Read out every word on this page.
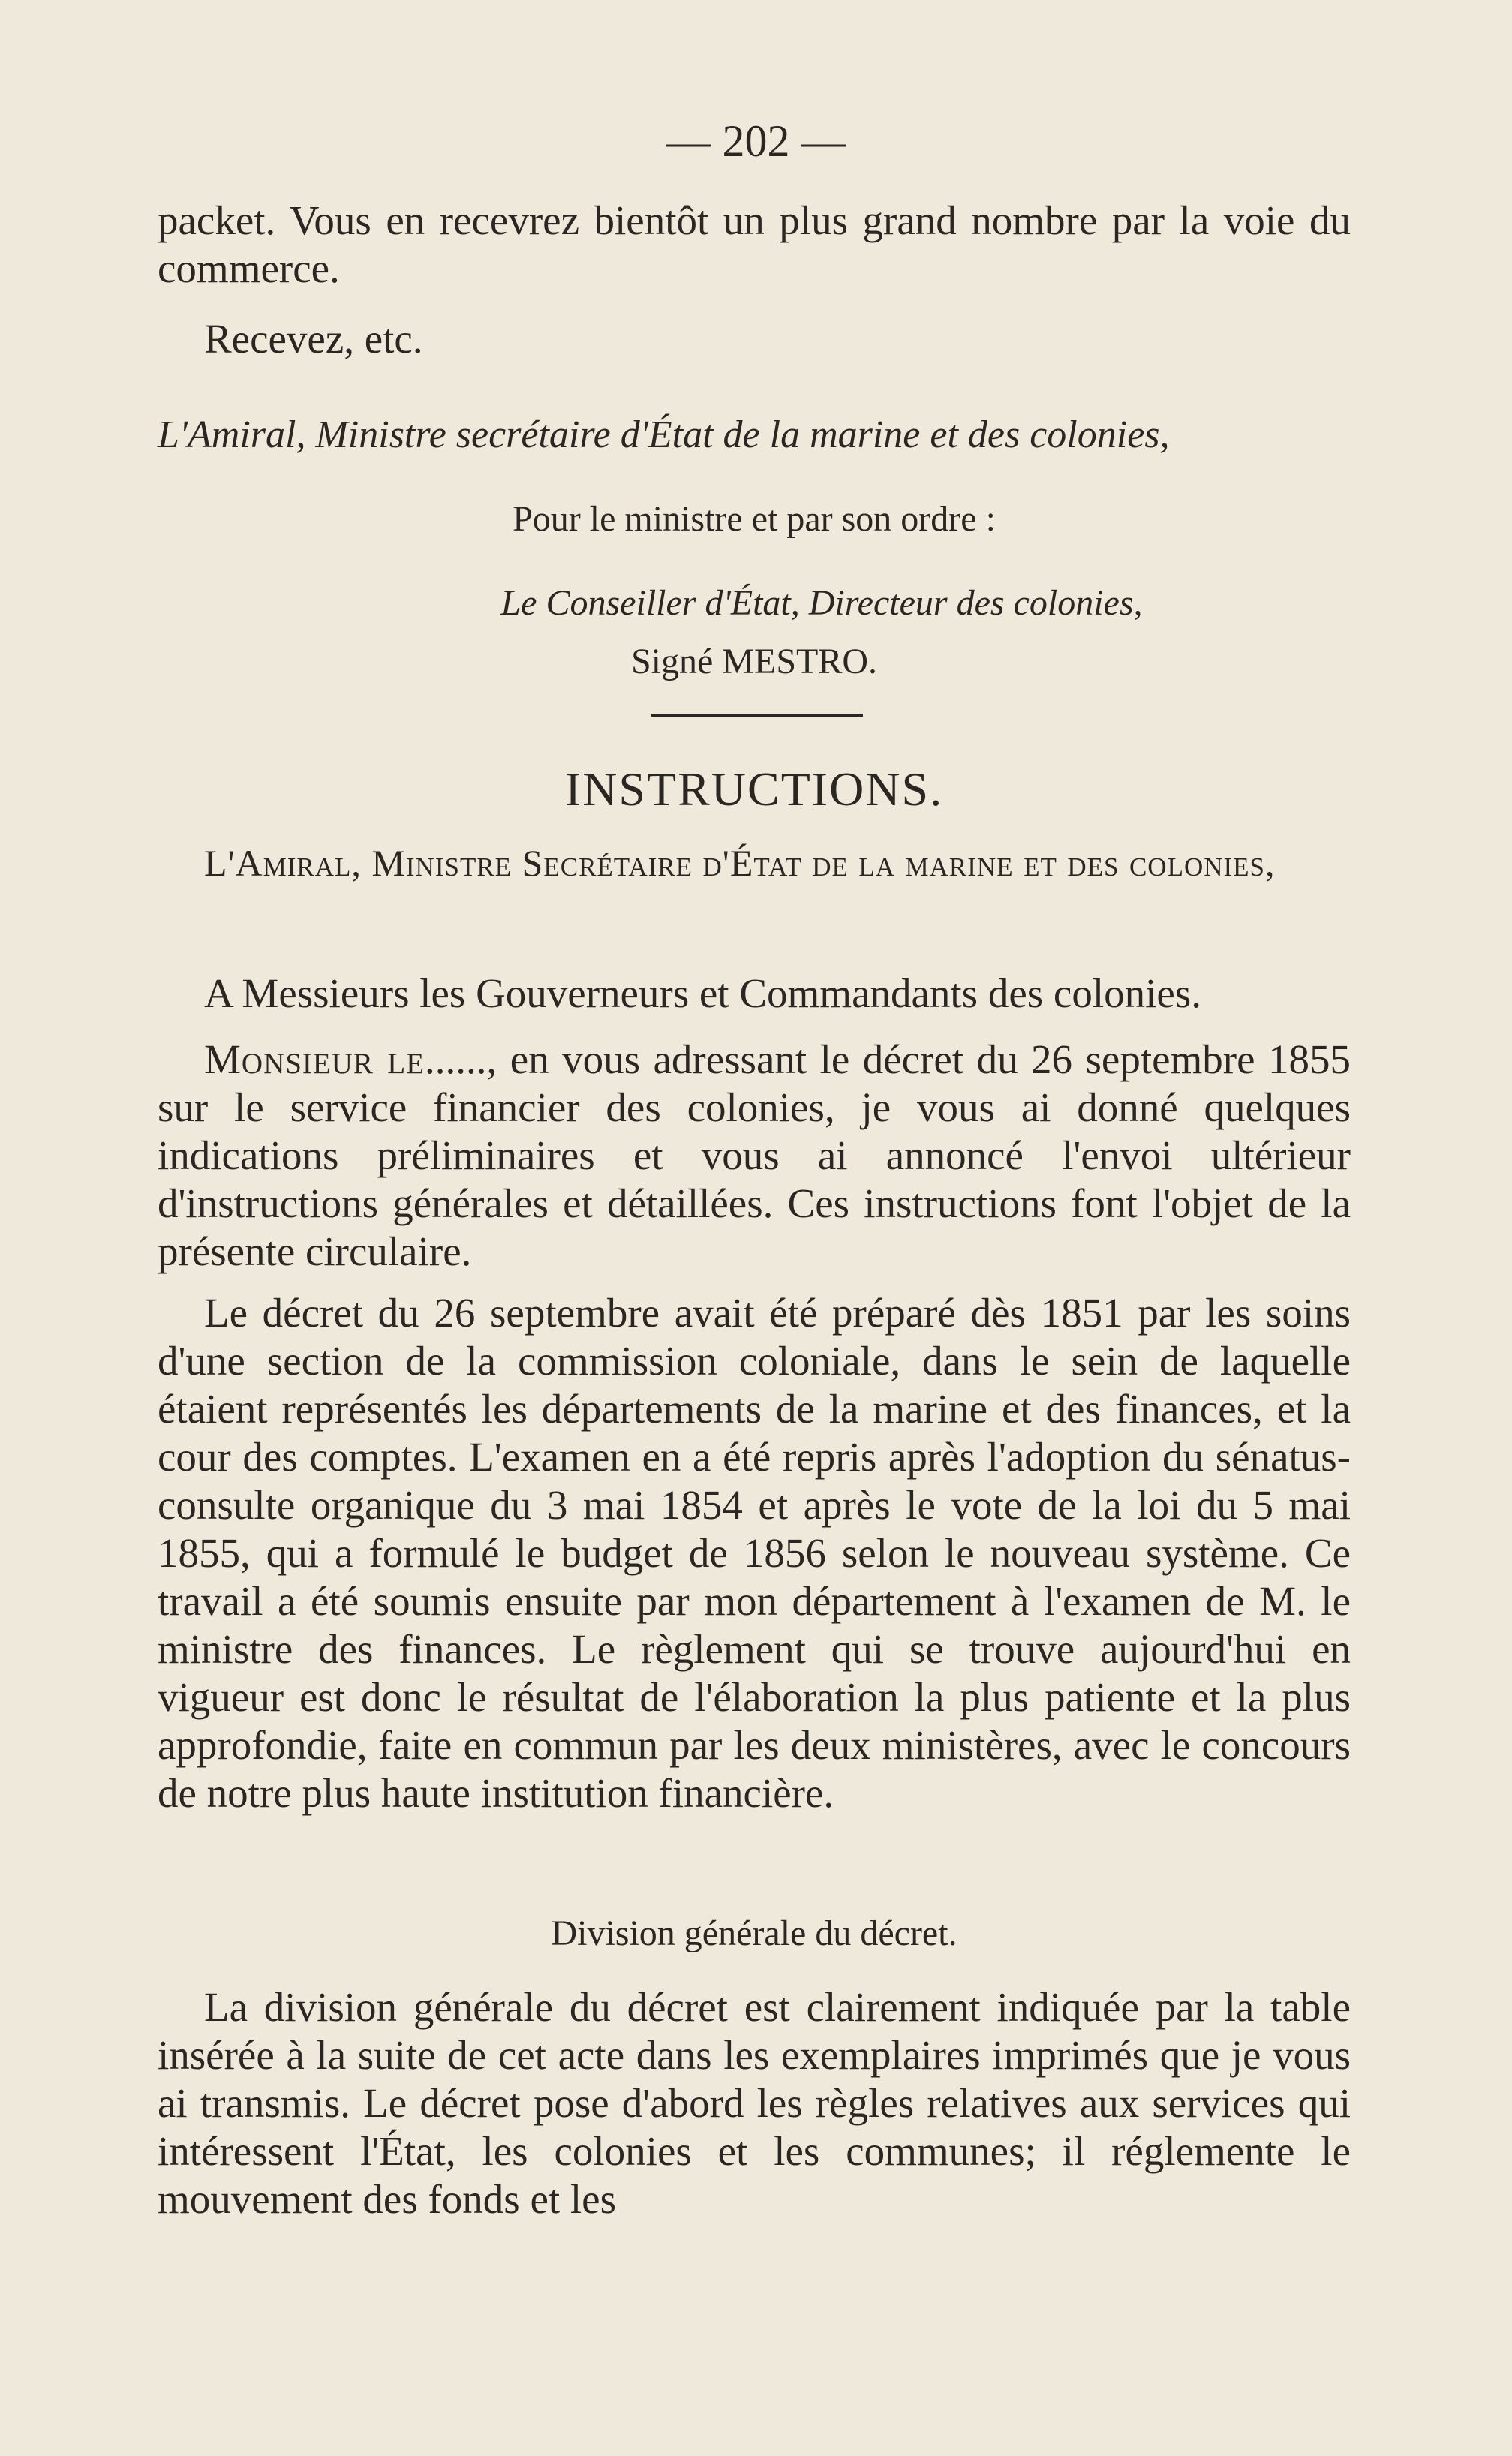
— 202 —

packet. Vous en recevrez bientôt un plus grand nombre par la voie du commerce.

Recevez, etc.

L'Amiral, Ministre secrétaire d'État de la marine et des colonies,

Pour le ministre et par son ordre :

Le Conseiller d'État, Directeur des colonies,

Signé MESTRO.

INSTRUCTIONS.

L'Amiral, Ministre Secrétaire d'État de la marine et des colonies,

A Messieurs les Gouverneurs et Commandants des colonies.

Monsieur le......, en vous adressant le décret du 26 septembre 1855 sur le service financier des colonies, je vous ai donné quelques indications préliminaires et vous ai annoncé l'envoi ultérieur d'instructions générales et détaillées. Ces instructions font l'objet de la présente circulaire.

Le décret du 26 septembre avait été préparé dès 1851 par les soins d'une section de la commission coloniale, dans le sein de laquelle étaient représentés les départements de la marine et des finances, et la cour des comptes. L'examen en a été repris après l'adoption du sénatus-consulte organique du 3 mai 1854 et après le vote de la loi du 5 mai 1855, qui a formulé le budget de 1856 selon le nouveau système. Ce travail a été soumis ensuite par mon département à l'examen de M. le ministre des finances. Le règlement qui se trouve aujourd'hui en vigueur est donc le résultat de l'élaboration la plus patiente et la plus approfondie, faite en commun par les deux ministères, avec le concours de notre plus haute institution financière.

Division générale du décret.

La division générale du décret est clairement indiquée par la table insérée à la suite de cet acte dans les exemplaires imprimés que je vous ai transmis. Le décret pose d'abord les règles relatives aux services qui intéressent l'État, les colonies et les communes; il réglemente le mouvement des fonds et les
